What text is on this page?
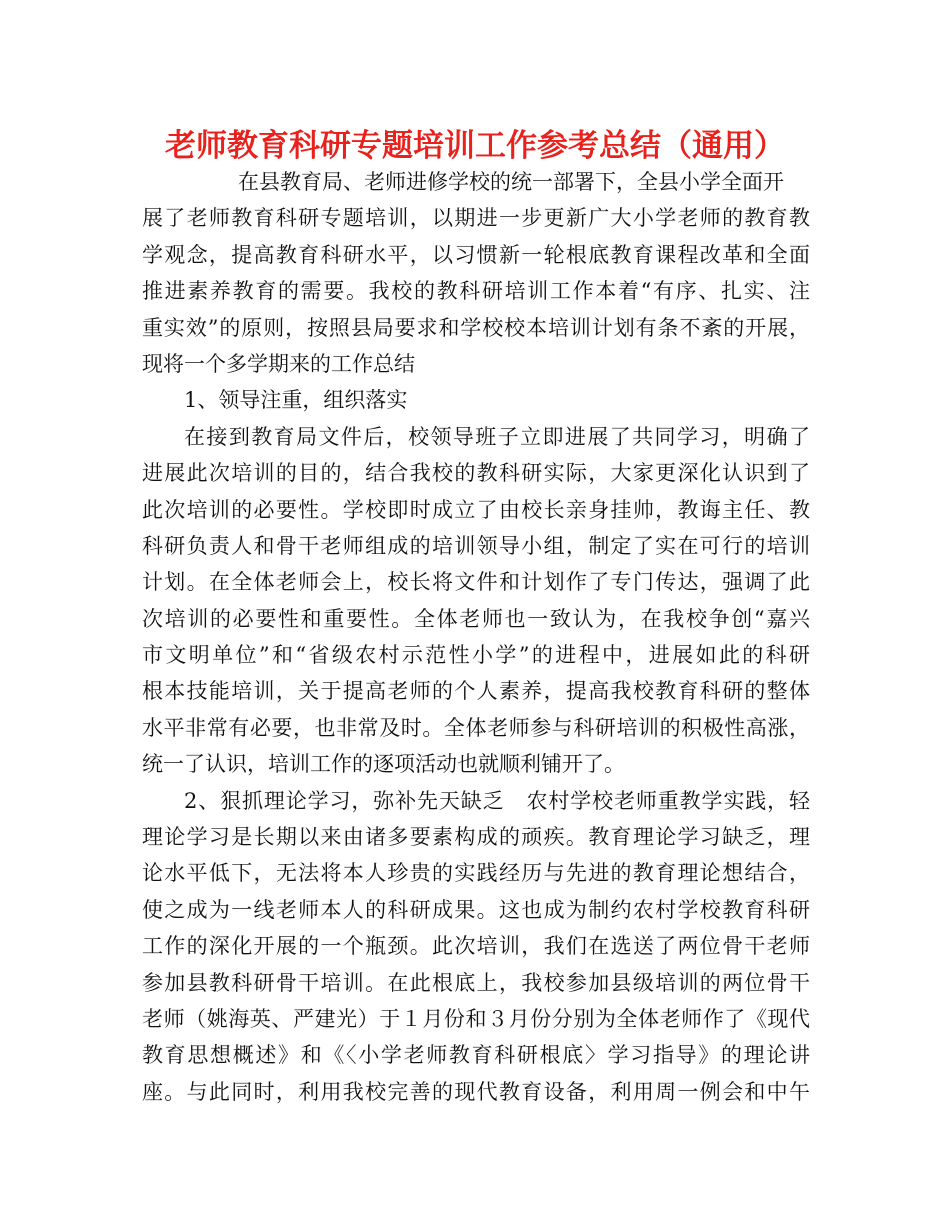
老师教育科研专题培训工作参考总结（通用）
在县教育局、老师进修学校的统一部署下，全县小学全面开
展了老师教育科研专题培训，以期进一步更新广大小学老师的教育教
学观念，提高教育科研水平，以习惯新一轮根底教育课程改革和全面
推进素养教育的需要。我校的教科研培训工作本着“有序、扎实、注
重实效”的原则，按照县局要求和学校校本培训计划有条不紊的开展，
现将一个多学期来的工作总结
1、领导注重，组织落实
在接到教育局文件后，校领导班子立即进展了共同学习，明确了
进展此次培训的目的，结合我校的教科研实际，大家更深化认识到了
此次培训的必要性。学校即时成立了由校长亲身挂帅，教诲主任、教
科研负责人和骨干老师组成的培训领导小组，制定了实在可行的培训
计划。在全体老师会上，校长将文件和计划作了专门传达，强调了此
次培训的必要性和重要性。全体老师也一致认为，在我校争创“嘉兴
市文明单位”和“省级农村示范性小学”的进程中，进展如此的科研
根本技能培训，关于提高老师的个人素养，提高我校教育科研的整体
水平非常有必要，也非常及时。全体老师参与科研培训的积极性高涨，
统一了认识，培训工作的逐项活动也就顺利铺开了。
2、狠抓理论学习，弥补先天缺乏　农村学校老师重教学实践，轻
理论学习是长期以来由诸多要素构成的顽疾。教育理论学习缺乏，理
论水平低下，无法将本人珍贵的实践经历与先进的教育理论想结合，
使之成为一线老师本人的科研成果。这也成为制约农村学校教育科研
工作的深化开展的一个瓶颈。此次培训，我们在选送了两位骨干老师
参加县教科研骨干培训。在此根底上，我校参加县级培训的两位骨干
老师（姚海英、严建光）于１月份和３月份分别为全体老师作了《现代
教育思想概述》和《〈小学老师教育科研根底〉学习指导》的理论讲
座。与此同时，利用我校完善的现代教育设备，利用周一例会和中午
